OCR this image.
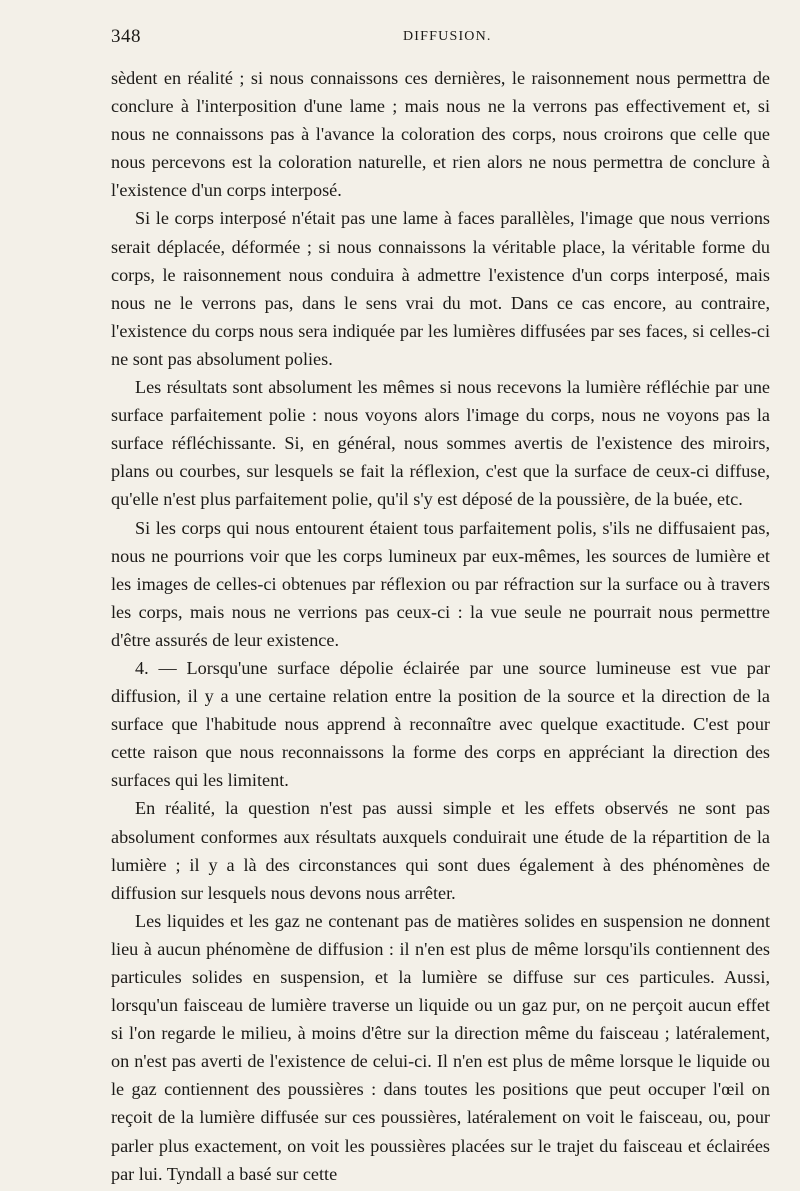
348	DIFFUSION.

sèdent en réalité ; si nous connaissons ces dernières, le raisonnement nous permettra de conclure à l'interposition d'une lame ; mais nous ne la verrons pas effectivement et, si nous ne connaissons pas à l'avance la coloration des corps, nous croirons que celle que nous percevons est la coloration naturelle, et rien alors ne nous permettra de conclure à l'existence d'un corps interposé.

Si le corps interposé n'était pas une lame à faces parallèles, l'image que nous verrions serait déplacée, déformée ; si nous connaissons la véritable place, la véritable forme du corps, le raisonnement nous conduira à admettre l'existence d'un corps interposé, mais nous ne le verrons pas, dans le sens vrai du mot. Dans ce cas encore, au contraire, l'existence du corps nous sera indiquée par les lumières diffusées par ses faces, si celles-ci ne sont pas absolument polies.

Les résultats sont absolument les mêmes si nous recevons la lumière réfléchie par une surface parfaitement polie : nous voyons alors l'image du corps, nous ne voyons pas la surface réfléchissante. Si, en général, nous sommes avertis de l'existence des miroirs, plans ou courbes, sur lesquels se fait la réflexion, c'est que la surface de ceux-ci diffuse, qu'elle n'est plus parfaitement polie, qu'il s'y est déposé de la poussière, de la buée, etc.

Si les corps qui nous entourent étaient tous parfaitement polis, s'ils ne diffusaient pas, nous ne pourrions voir que les corps lumineux par eux-mêmes, les sources de lumière et les images de celles-ci obtenues par réflexion ou par réfraction sur la surface ou à travers les corps, mais nous ne verrions pas ceux-ci : la vue seule ne pourrait nous permettre d'être assurés de leur existence.

4. — Lorsqu'une surface dépolie éclairée par une source lumineuse est vue par diffusion, il y a une certaine relation entre la position de la source et la direction de la surface que l'habitude nous apprend à reconnaître avec quelque exactitude. C'est pour cette raison que nous reconnaissons la forme des corps en appréciant la direction des surfaces qui les limitent.

En réalité, la question n'est pas aussi simple et les effets observés ne sont pas absolument conformes aux résultats auxquels conduirait une étude de la répartition de la lumière ; il y a là des circonstances qui sont dues également à des phénomènes de diffusion sur lesquels nous devons nous arrêter.

Les liquides et les gaz ne contenant pas de matières solides en suspension ne donnent lieu à aucun phénomène de diffusion : il n'en est plus de même lorsqu'ils contiennent des particules solides en suspension, et la lumière se diffuse sur ces particules. Aussi, lorsqu'un faisceau de lumière traverse un liquide ou un gaz pur, on ne perçoit aucun effet si l'on regarde le milieu, à moins d'être sur la direction même du faisceau ; latéralement, on n'est pas averti de l'existence de celui-ci. Il n'en est plus de même lorsque le liquide ou le gaz contiennent des poussières : dans toutes les positions que peut occuper l'œil on reçoit de la lumière diffusée sur ces poussières, latéralement on voit le faisceau, ou, pour parler plus exactement, on voit les poussières placées sur le trajet du faisceau et éclairées par lui. Tyndall a basé sur cette
